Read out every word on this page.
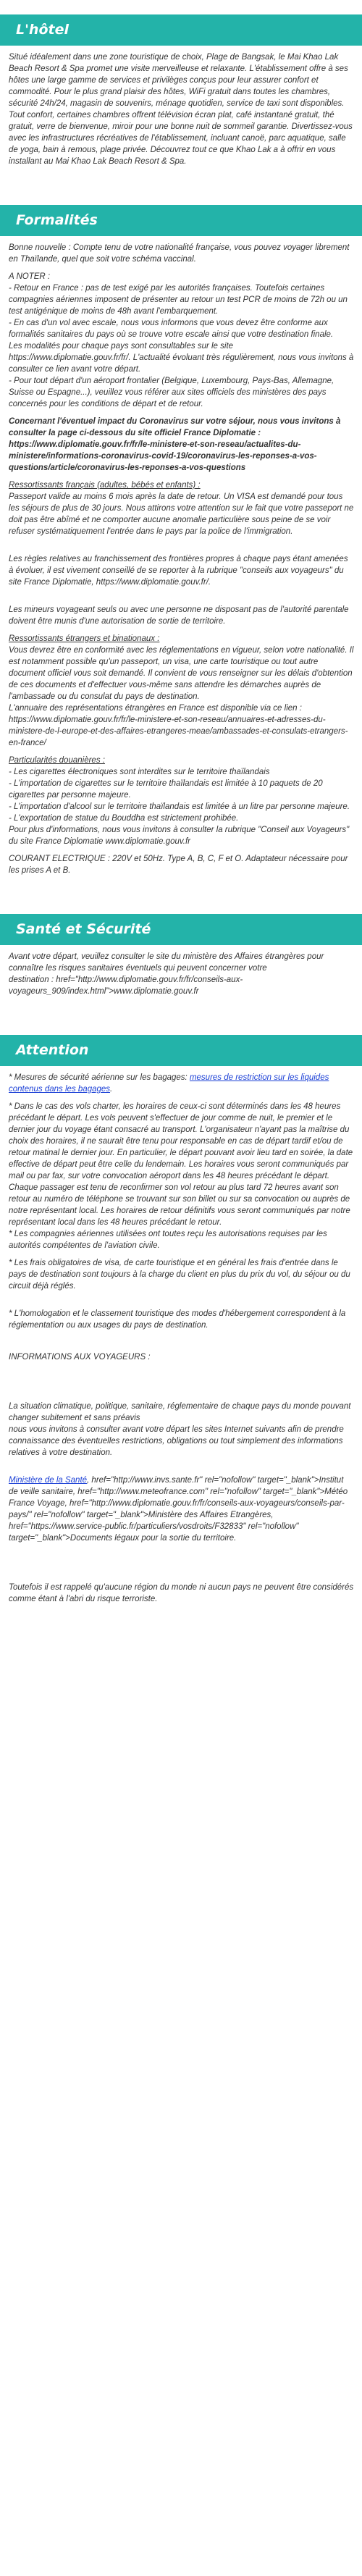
L'hôtel

Situé idéalement dans une zone touristique de choix, Plage de Bangsak, le Mai Khao Lak Beach Resort & Spa promet une visite merveilleuse et relaxante. L'établissement offre à ses hôtes une large gamme de services et privilèges conçus pour leur assurer confort et commodité. Pour le plus grand plaisir des hôtes, WiFi gratuit dans toutes les chambres, sécurité 24h/24, magasin de souvenirs, ménage quotidien, service de taxi sont disponibles. Tout confort, certaines chambres offrent télévision écran plat, café instantané gratuit, thé gratuit, verre de bienvenue, miroir pour une bonne nuit de sommeil garantie. Divertissez-vous avec les infrastructures récréatives de l'établissement, incluant canoë, parc aquatique, salle de yoga, bain à remous, plage privée. Découvrez tout ce que Khao Lak a à offrir en vous installant au Mai Khao Lak Beach Resort & Spa.

Formalités

Bonne nouvelle : Compte tenu de votre nationalité française, vous pouvez voyager librement en Thaïlande, quel que soit votre schéma vaccinal.

A NOTER :
- Retour en France : pas de test exigé par les autorités françaises. Toutefois certaines compagnies aériennes imposent de présenter au retour un test PCR de moins de 72h ou un test antigénique de moins de 48h avant l'embarquement.
- En cas d'un vol avec escale, nous vous informons que vous devez être conforme aux formalités sanitaires du pays où se trouve votre escale ainsi que votre destination finale.
Les modalités pour chaque pays sont consultables sur le site https://www.diplomatie.gouv.fr/fr/. L'actualité évoluant très régulièrement, nous vous invitons à consulter ce lien avant votre départ.
- Pour tout départ d'un aéroport frontalier (Belgique, Luxembourg, Pays-Bas, Allemagne, Suisse ou Espagne...), veuillez vous référer aux sites officiels des ministères des pays concernés pour les conditions de départ et de retour.

Concernant l'éventuel impact du Coronavirus sur votre séjour, nous vous invitons à consulter la page ci-dessous du site officiel France Diplomatie : https://www.diplomatie.gouv.fr/fr/le-ministere-et-son-reseau/actualites-du-ministere/informations-coronavirus-covid-19/coronavirus-les-reponses-a-vos-questions/article/coronavirus-les-reponses-a-vos-questions

Ressortissants français (adultes, bébés et enfants) :

Passeport valide au moins 6 mois après la date de retour. Un VISA est demandé pour tous les séjours de plus de 30 jours. Nous attirons votre attention sur le fait que votre passeport ne doit pas être abîmé et ne comporter aucune anomalie particulière sous peine de se voir refuser systématiquement l'entrée dans le pays par la police de l'immigration.

Les règles relatives au franchissement des frontières propres à chaque pays étant amenées à évoluer, il est vivement conseillé de se reporter à la rubrique "conseils aux voyageurs" du site France Diplomatie, https://www.diplomatie.gouv.fr/.

Les mineurs voyageant seuls ou avec une personne ne disposant pas de l'autorité parentale doivent être munis d'une autorisation de sortie de territoire.

Ressortissants étrangers et binationaux :

Vous devrez être en conformité avec les réglementations en vigueur, selon votre nationalité. Il est notamment possible qu'un passeport, un visa, une carte touristique ou tout autre document officiel vous soit demandé. Il convient de vous renseigner sur les délais d'obtention de ces documents et d'effectuer vous-même sans attendre les démarches auprès de l'ambassade ou du consulat du pays de destination.
L'annuaire des représentations étrangères en France est disponible via ce lien : https://www.diplomatie.gouv.fr/fr/le-ministere-et-son-reseau/annuaires-et-adresses-du-ministere-de-l-europe-et-des-affaires-etrangeres-meae/ambassades-et-consulats-etrangers-en-france/

Particularités douanières :

- Les cigarettes électroniques sont interdites sur le territoire thaïlandais
- L'importation de cigarettes sur le territoire thaïlandais est limitée à 10 paquets de 20 cigarettes par personne majeure.
- L'importation d'alcool sur le territoire thaïlandais est limitée à un litre par personne majeure.
- L'exportation de statue du Bouddha est strictement prohibée.
Pour plus d'informations, nous vous invitons à consulter la rubrique "Conseil aux Voyageurs" du site France Diplomatie www.diplomatie.gouv.fr

COURANT ELECTRIQUE : 220V et 50Hz. Type A, B, C, F et O. Adaptateur nécessaire pour les prises A et B.

Santé et Sécurité

Avant votre départ, veuillez consulter le site du ministère des Affaires étrangères pour connaître les risques sanitaires éventuels qui peuvent concerner votre
destination : href="http://www.diplomatie.gouv.fr/fr/conseils-aux-voyageurs_909/index.html">www.diplomatie.gouv.fr

Attention

* Mesures de sécurité aérienne sur les bagages: mesures de restriction sur les liquides contenus dans les bagages.

* Dans le cas des vols charter, les horaires de ceux-ci sont déterminés dans les 48 heures précédant le départ. Les vols peuvent s'effectuer de jour comme de nuit, le premier et le dernier jour du voyage étant consacré au transport. L'organisateur n'ayant pas la maîtrise du choix des horaires, il ne saurait être tenu pour responsable en cas de départ tardif et/ou de retour matinal le dernier jour. En particulier, le départ pouvant avoir lieu tard en soirée, la date effective de départ peut être celle du lendemain. Les horaires vous seront communiqués par mail ou par fax, sur votre convocation aéroport dans les 48 heures précédant le départ. Chaque passager est tenu de reconfirmer son vol retour au plus tard 72 heures avant son retour au numéro de téléphone se trouvant sur son billet ou sur sa convocation ou auprès de notre représentant local. Les horaires de retour définitifs vous seront communiqués par notre représentant local dans les 48 heures précédant le retour.
* Les compagnies aériennes utilisées ont toutes reçu les autorisations requises par les autorités compétentes de l'aviation civile.

* Les frais obligatoires de visa, de carte touristique et en général les frais d'entrée dans le pays de destination sont toujours à la charge du client en plus du prix du vol, du séjour ou du circuit déjà réglés.

* L'homologation et le classement touristique des modes d'hébergement correspondent à la réglementation ou aux usages du pays de destination.

INFORMATIONS AUX VOYAGEURS :

La situation climatique, politique, sanitaire, réglementaire de chaque pays du monde pouvant changer subitement et sans préavis
nous vous invitons à consulter avant votre départ les sites Internet suivants afin de prendre connaissance des éventuelles restrictions, obligations ou tout simplement des informations relatives à votre destination.

Ministère de la Santé, href="http://www.invs.sante.fr" rel="nofollow" target="_blank">Institut de veille sanitaire, href="http://www.meteofrance.com" rel="nofollow" target="_blank">Météo France Voyage, href="http://www.diplomatie.gouv.fr/fr/conseils-aux-voyageurs/conseils-par-pays/" rel="nofollow" target="_blank">Ministère des Affaires Etrangères, href="https://www.service-public.fr/particuliers/vosdroits/F32833" rel="nofollow" target="_blank">Documents légaux pour la sortie du territoire.

Toutefois il est rappelé qu'aucune région du monde ni aucun pays ne peuvent être considérés comme étant à l'abri du risque terroriste.
